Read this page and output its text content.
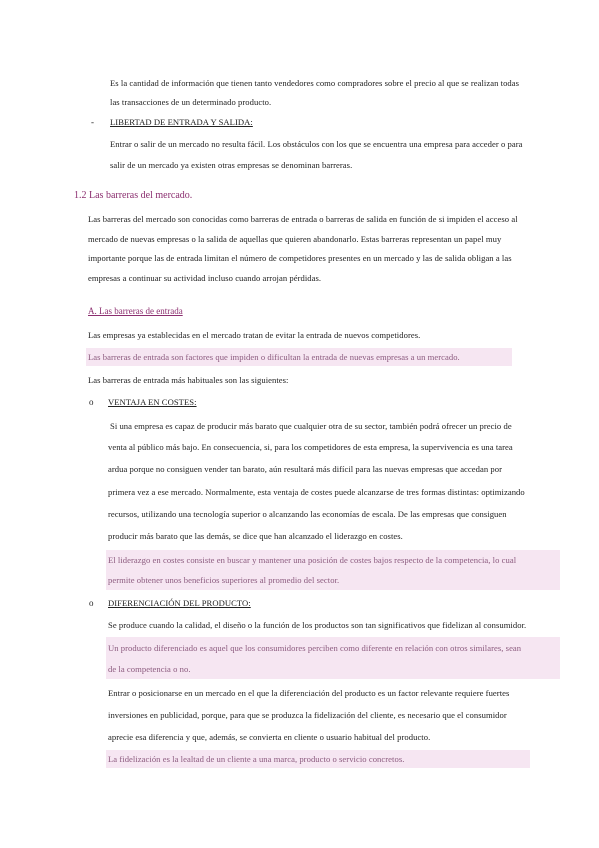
Es la cantidad de información que tienen tanto vendedores como compradores sobre el precio al que se realizan todas
las transacciones de un determinado producto.
- LIBERTAD DE ENTRADA Y SALIDA:
Entrar o salir de un mercado no resulta fácil. Los obstáculos con los que se encuentra una empresa para acceder o para
salir de un mercado ya existen otras empresas se denominan barreras.
1.2 Las barreras del mercado.
Las barreras del mercado son conocidas como barreras de entrada o barreras de salida en función de si impiden el acceso al
mercado de nuevas empresas o la salida de aquellas que quieren abandonarlo. Estas barreras representan un papel muy
importante porque las de entrada limitan el número de competidores presentes en un mercado y las de salida obligan a las
empresas a continuar su actividad incluso cuando arrojan pérdidas.
A. Las barreras de entrada
Las empresas ya establecidas en el mercado tratan de evitar la entrada de nuevos competidores.
Las barreras de entrada son factores que impiden o dificultan la entrada de nuevas empresas a un mercado.
Las barreras de entrada más habituales son las siguientes:
o VENTAJA EN COSTES:
Si una empresa es capaz de producir más barato que cualquier otra de su sector, también podrá ofrecer un precio de
venta al público más bajo. En consecuencia, si, para los competidores de esta empresa, la supervivencia es una tarea
ardua porque no consiguen vender tan barato, aún resultará más difícil para las nuevas empresas que accedan por
primera vez a ese mercado. Normalmente, esta ventaja de costes puede alcanzarse de tres formas distintas: optimizando
recursos, utilizando una tecnología superior o alcanzando las economías de escala. De las empresas que consiguen
producir más barato que las demás, se dice que han alcanzado el liderazgo en costes.
El liderazgo en costes consiste en buscar y mantener una posición de costes bajos respecto de la competencia, lo cual
permite obtener unos beneficios superiores al promedio del sector.
o DIFERENCIACIÓN DEL PRODUCTO:
Se produce cuando la calidad, el diseño o la función de los productos son tan significativos que fidelizan al consumidor.
Un producto diferenciado es aquel que los consumidores perciben como diferente en relación con otros similares, sean
de la competencia o no.
Entrar o posicionarse en un mercado en el que la diferenciación del producto es un factor relevante requiere fuertes
inversiones en publicidad, porque, para que se produzca la fidelización del cliente, es necesario que el consumidor
aprecie esa diferencia y que, además, se convierta en cliente o usuario habitual del producto.
La fidelización es la lealtad de un cliente a una marca, producto o servicio concretos.
